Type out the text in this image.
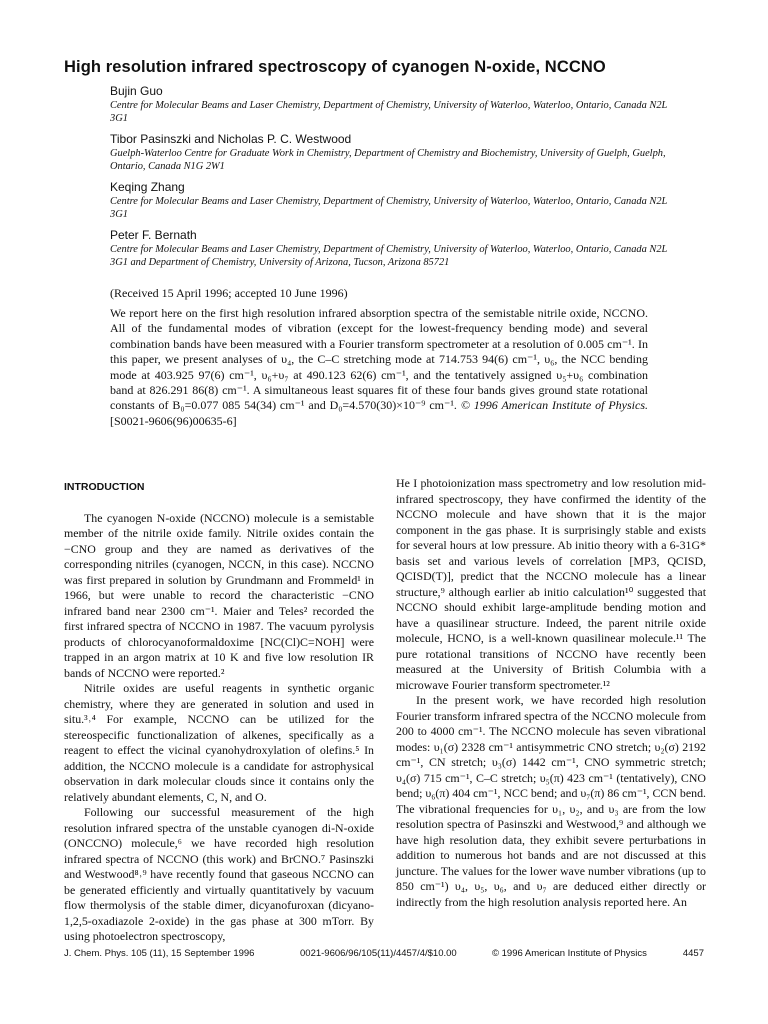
High resolution infrared spectroscopy of cyanogen N-oxide, NCCNO
Bujin Guo
Centre for Molecular Beams and Laser Chemistry, Department of Chemistry, University of Waterloo, Waterloo, Ontario, Canada N2L 3G1
Tibor Pasinszki and Nicholas P. C. Westwood
Guelph-Waterloo Centre for Graduate Work in Chemistry, Department of Chemistry and Biochemistry, University of Guelph, Guelph, Ontario, Canada N1G 2W1
Keqing Zhang
Centre for Molecular Beams and Laser Chemistry, Department of Chemistry, University of Waterloo, Waterloo, Ontario, Canada N2L 3G1
Peter F. Bernath
Centre for Molecular Beams and Laser Chemistry, Department of Chemistry, University of Waterloo, Waterloo, Ontario, Canada N2L 3G1 and Department of Chemistry, University of Arizona, Tucson, Arizona 85721
(Received 15 April 1996; accepted 10 June 1996)
We report here on the first high resolution infrared absorption spectra of the semistable nitrile oxide, NCCNO. All of the fundamental modes of vibration (except for the lowest-frequency bending mode) and several combination bands have been measured with a Fourier transform spectrometer at a resolution of 0.005 cm⁻¹. In this paper, we present analyses of υ₄, the C–C stretching mode at 714.753 94(6) cm⁻¹, υ₆, the NCC bending mode at 403.925 97(6) cm⁻¹, υ₆+υ₇ at 490.123 62(6) cm⁻¹, and the tentatively assigned υ₅+υ₆ combination band at 826.291 86(8) cm⁻¹. A simultaneous least squares fit of these four bands gives ground state rotational constants of B₀=0.077 085 54(34) cm⁻¹ and D₀=4.570(30)×10⁻⁹ cm⁻¹. © 1996 American Institute of Physics. [S0021-9606(96)00635-6]
INTRODUCTION

The cyanogen N-oxide (NCCNO) molecule is a semistable member of the nitrile oxide family. Nitrile oxides contain the −CNO group and they are named as derivatives of the corresponding nitriles (cyanogen, NCCN, in this case). NCCNO was first prepared in solution by Grundmann and Frommeld¹ in 1966, but were unable to record the characteristic −CNO infrared band near 2300 cm⁻¹. Maier and Teles² recorded the first infrared spectra of NCCNO in 1987. The vacuum pyrolysis products of chlorocyanoformaldoxime [NC(Cl)C=NOH] were trapped in an argon matrix at 10 K and five low resolution IR bands of NCCNO were reported.²

Nitrile oxides are useful reagents in synthetic organic chemistry, where they are generated in solution and used in situ.³˒⁴ For example, NCCNO can be utilized for the stereospecific functionalization of alkenes, specifically as a reagent to effect the vicinal cyanohydroxylation of olefins.⁵ In addition, the NCCNO molecule is a candidate for astrophysical observation in dark molecular clouds since it contains only the relatively abundant elements, C, N, and O.

Following our successful measurement of the high resolution infrared spectra of the unstable cyanogen di-N-oxide (ONCCNO) molecule,⁶ we have recorded high resolution infrared spectra of NCCNO (this work) and BrCNO.⁷ Pasinszki and Westwood⁸˒⁹ have recently found that gaseous NCCNO can be generated efficiently and virtually quantitatively by vacuum flow thermolysis of the stable dimer, dicyanofuroxan (dicyano-1,2,5-oxadiazole 2-oxide) in the gas phase at 300 mTorr. By using photoelectron spectroscopy,

He I photoionization mass spectrometry and low resolution mid-infrared spectroscopy, they have confirmed the identity of the NCCNO molecule and have shown that it is the major component in the gas phase. It is surprisingly stable and exists for several hours at low pressure. Ab initio theory with a 6-31G* basis set and various levels of correlation [MP3, QCISD, QCISD(T)], predict that the NCCNO molecule has a linear structure,⁹ although earlier ab initio calculation¹⁰ suggested that NCCNO should exhibit large-amplitude bending motion and have a quasilinear structure. Indeed, the parent nitrile oxide molecule, HCNO, is a well-known quasilinear molecule.¹¹ The pure rotational transitions of NCCNO have recently been measured at the University of British Columbia with a microwave Fourier transform spectrometer.¹²

In the present work, we have recorded high resolution Fourier transform infrared spectra of the NCCNO molecule from 200 to 4000 cm⁻¹. The NCCNO molecule has seven vibrational modes: υ₁(σ) 2328 cm⁻¹ antisymmetric CNO stretch; υ₂(σ) 2192 cm⁻¹, CN stretch; υ₃(σ) 1442 cm⁻¹, CNO symmetric stretch; υ₄(σ) 715 cm⁻¹, C–C stretch; υ₅(π) 423 cm⁻¹ (tentatively), CNO bend; υ₆(π) 404 cm⁻¹, NCC bend; and υ₇(π) 86 cm⁻¹, CCN bend. The vibrational frequencies for υ₁, υ₂, and υ₃ are from the low resolution spectra of Pasinszki and Westwood,⁹ and although we have high resolution data, they exhibit severe perturbations in addition to numerous hot bands and are not discussed at this juncture. The values for the lower wave number vibrations (up to 850 cm⁻¹) υ₄, υ₅, υ₆, and υ₇ are deduced either directly or indirectly from the high resolution analysis reported here. An

J. Chem. Phys. 105 (11), 15 September 1996	0021-9606/96/105(11)/4457/4/$10.00	© 1996 American Institute of Physics	4457
